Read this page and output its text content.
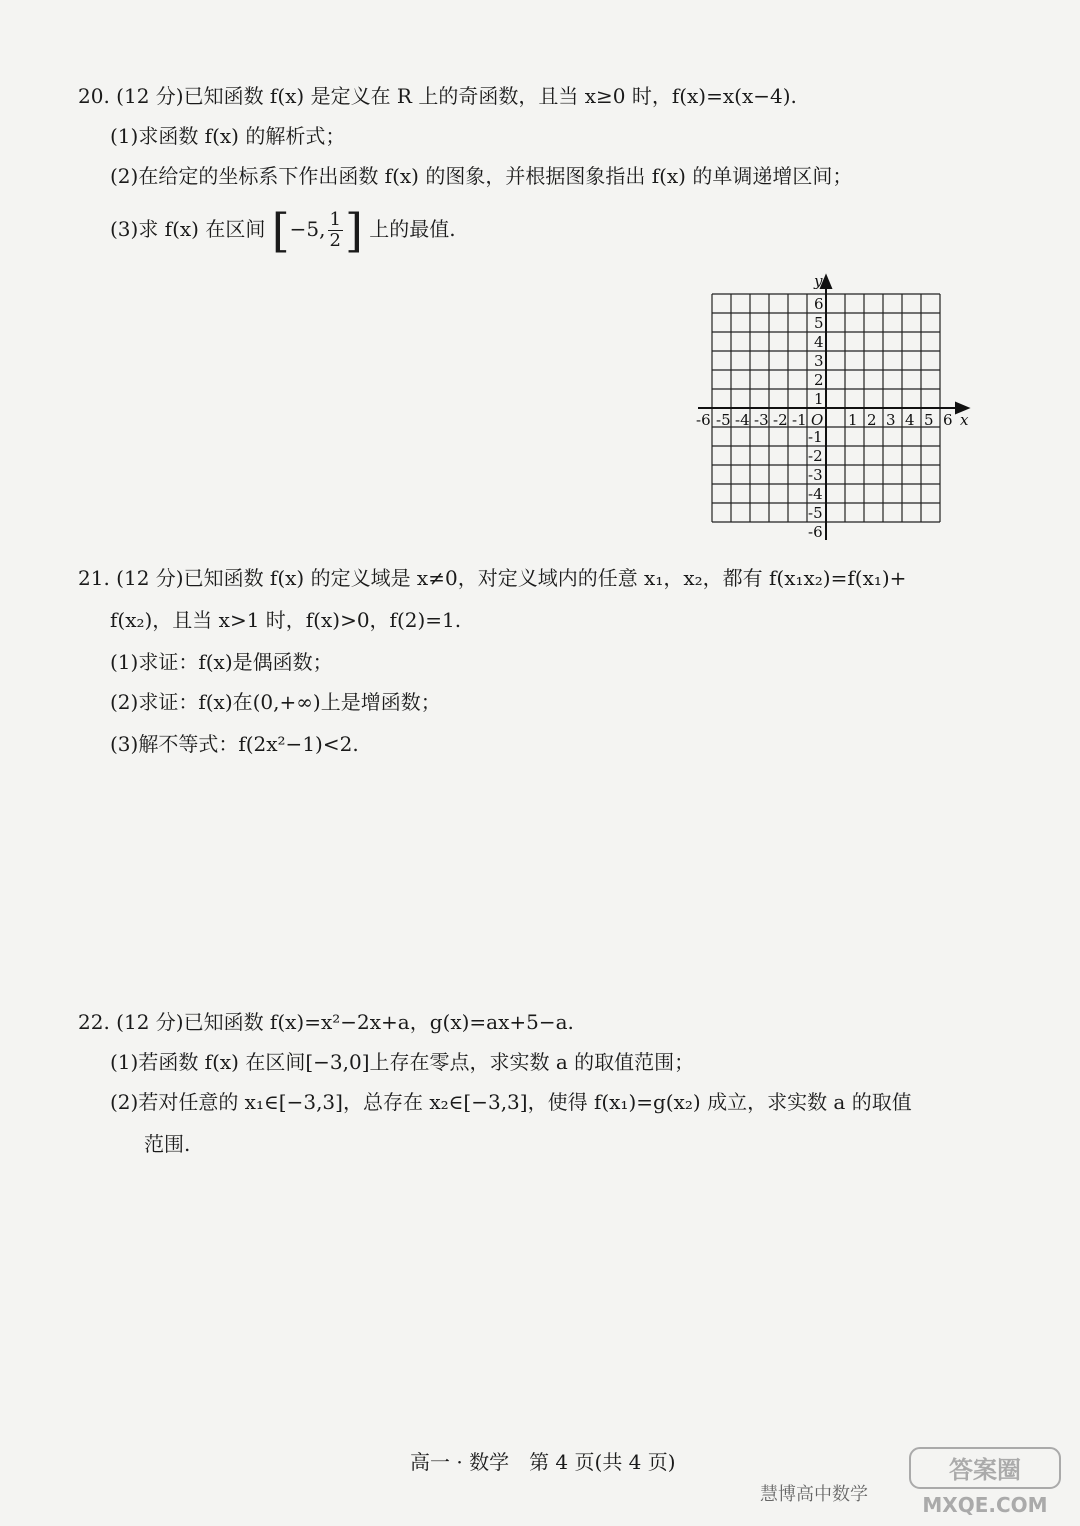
20. (12 分)已知函数 f(x) 是定义在 R 上的奇函数，且当 x≥0 时，f(x)=x(x−4).
(1)求函数 f(x) 的解析式；
(2)在给定的坐标系下作出函数 f(x) 的图象，并根据图象指出 f(x) 的单调递增区间；
(3)求 f(x) 在区间 [−5, $\frac{1}{2}$ ] 上的最值.
x
y
O
-6 -5 -4 -3 -2 -1	1 2 3 4 5 6
1
2
3
4
5
6
-1
-2
-3
-4
-5
-6
21. (12 分)已知函数 f(x) 的定义域是 x≠0，对定义域内的任意 x₁，x₂，都有 f(x₁x₂)=f(x₁)+
f(x₂)，且当 x>1 时，f(x)>0，f(2)=1.
(1)求证：f(x)是偶函数；
(2)求证：f(x)在(0,+∞)上是增函数；
(3)解不等式：f(2x²−1)<2.
22. (12 分)已知函数 f(x)=x²−2x+a，g(x)=ax+5−a.
(1)若函数 f(x) 在区间[−3,0]上存在零点，求实数 a 的取值范围；
(2)若对任意的 x₁∈[−3,3]，总存在 x₂∈[−3,3]，使得 f(x₁)=g(x₂) 成立，求实数 a 的取值
范围.
高一 · 数学　第 4 页(共 4 页)
慧博高中数学
答案圈
MXQE.COM
